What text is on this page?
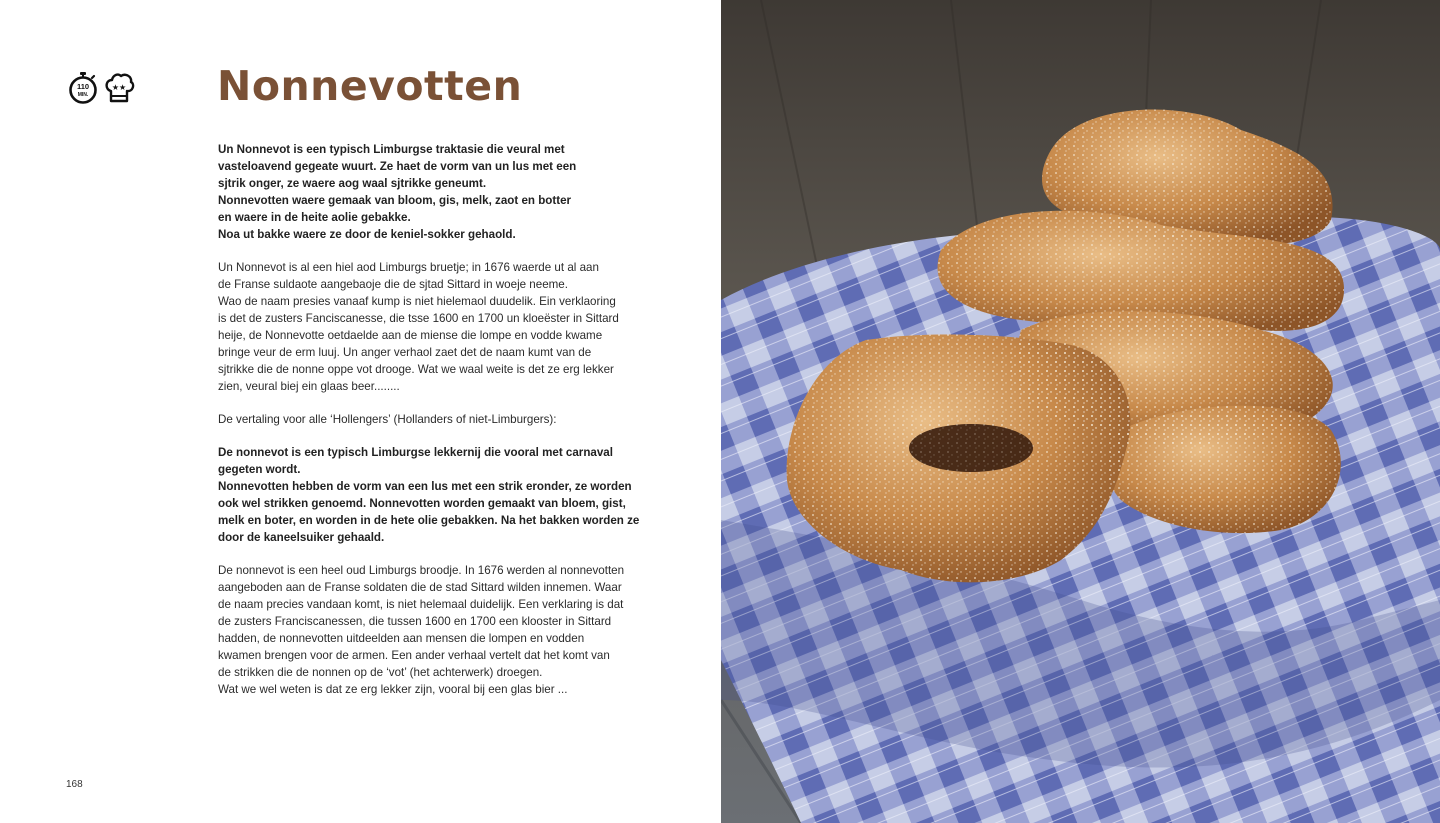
110
MIN.
★★ Nonnevotten

Un Nonnevot is een typisch Limburgse traktasie die veural met
vasteloavend gegeate wuurt. Ze haet de vorm van un lus met een
sjtrik onger, ze waere aog waal sjtrikke geneumt.
Nonnevotten waere gemaak van bloom, gis, melk, zaot en botter
en waere in de heite aolie gebakke.
Noa ut bakke waere ze door de keniel-sokker gehaold.

Un Nonnevot is al een hiel aod Limburgs bruetje; in 1676 waerde ut al aan
de Franse suldaote aangebaoje die de sjtad Sittard in woeje neeme.
Wao de naam presies vanaaf kump is niet hielemaol duudelik. Ein verklaoring
is det de zusters Fanciscanesse, die tsse 1600 en 1700 un kloeëster in Sittard
heije, de Nonnevotte oetdaelde aan de miense die lompe en vodde kwame
bringe veur de erm luuj. Un anger verhaol zaet det de naam kumt van de
sjtrikke die de nonne oppe vot drooge. Wat we waal weite is det ze erg lekker
zien, veural biej ein glaas beer........

De vertaling voor alle ‘Hollengers’ (Hollanders of niet-Limburgers):

De nonnevot is een typisch Limburgse lekkernij die vooral met carnaval
gegeten wordt.
Nonnevotten hebben de vorm van een lus met een strik eronder, ze worden
ook wel strikken genoemd. Nonnevotten worden gemaakt van bloem, gist,
melk en boter, en worden in de hete olie gebakken. Na het bakken worden ze
door de kaneelsuiker gehaald.

De nonnevot is een heel oud Limburgs broodje. In 1676 werden al nonnevotten
aangeboden aan de Franse soldaten die de stad Sittard wilden innemen. Waar
de naam precies vandaan komt, is niet helemaal duidelijk. Een verklaring is dat
de zusters Franciscanessen, die tussen 1600 en 1700 een klooster in Sittard
hadden, de nonnevotten uitdeelden aan mensen die lompen en vodden
kwamen brengen voor de armen. Een ander verhaal vertelt dat het komt van
de strikken die de nonnen op de ‘vot’ (het achterwerk) droegen.
Wat we wel weten is dat ze erg lekker zijn, vooral bij een glas bier ...

168
